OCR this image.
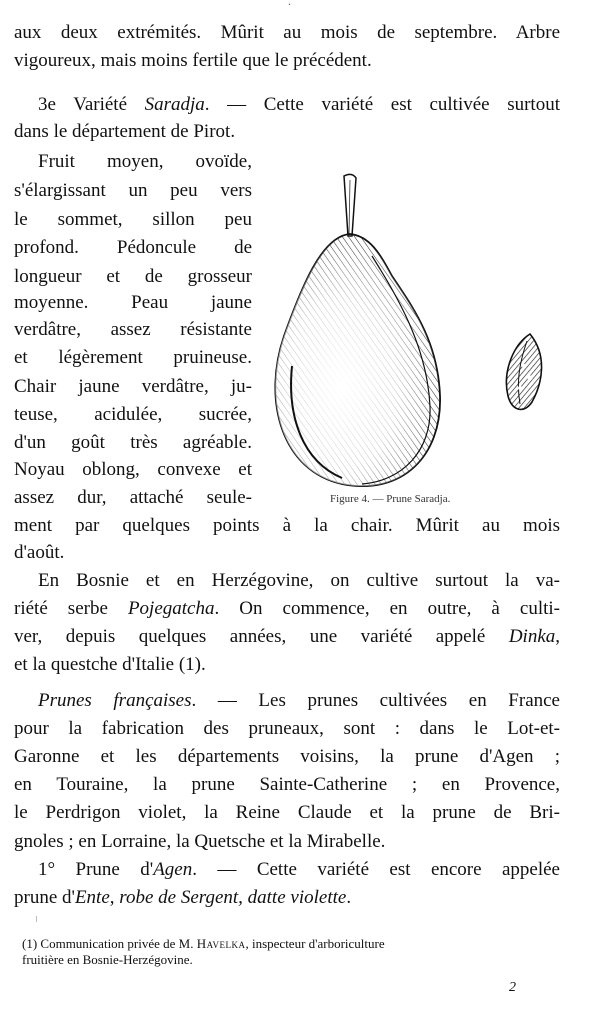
.
aux deux extrémités. Mûrit au mois de septembre. Arbre
vigoureux, mais moins fertile que le précédent.
3e Variété Saradja. — Cette variété est cultivée surtout
dans le département de Pirot.
Fruit moyen, ovoïde,
s'élargissant un peu vers
le sommet, sillon peu
profond. Pédoncule de
longueur et de grosseur
moyenne. Peau jaune
verdâtre, assez résistante
et légèrement pruineuse.
Chair jaune verdâtre, ju-
teuse, acidulée, sucrée,
d'un goût très agréable.
Noyau oblong, convexe et
assez dur, attaché seule-	Figure 4. — Prune Saradja.
ment par quelques points à la chair. Mûrit au mois
d'août.
En Bosnie et en Herzégovine, on cultive surtout la va-
riété serbe Pojegatcha. On commence, en outre, à culti-
ver, depuis quelques années, une variété appelé Dinka,
et la questche d'Italie (1).
Prunes françaises. — Les prunes cultivées en France
pour la fabrication des pruneaux, sont : dans le Lot-et-
Garonne et les départements voisins, la prune d'Agen ;
en Touraine, la prune Sainte-Catherine ; en Provence,
le Perdrigon violet, la Reine Claude et la prune de Bri-
gnoles ; en Lorraine, la Quetsche et la Mirabelle.
1° Prune d'Agen. — Cette variété est encore appelée
prune d'Ente, robe de Sergent, datte violette.
(1) Communication privée de M. Havelka, inspecteur d'arboriculture
fruitière en Bosnie-Herzégovine.
2
